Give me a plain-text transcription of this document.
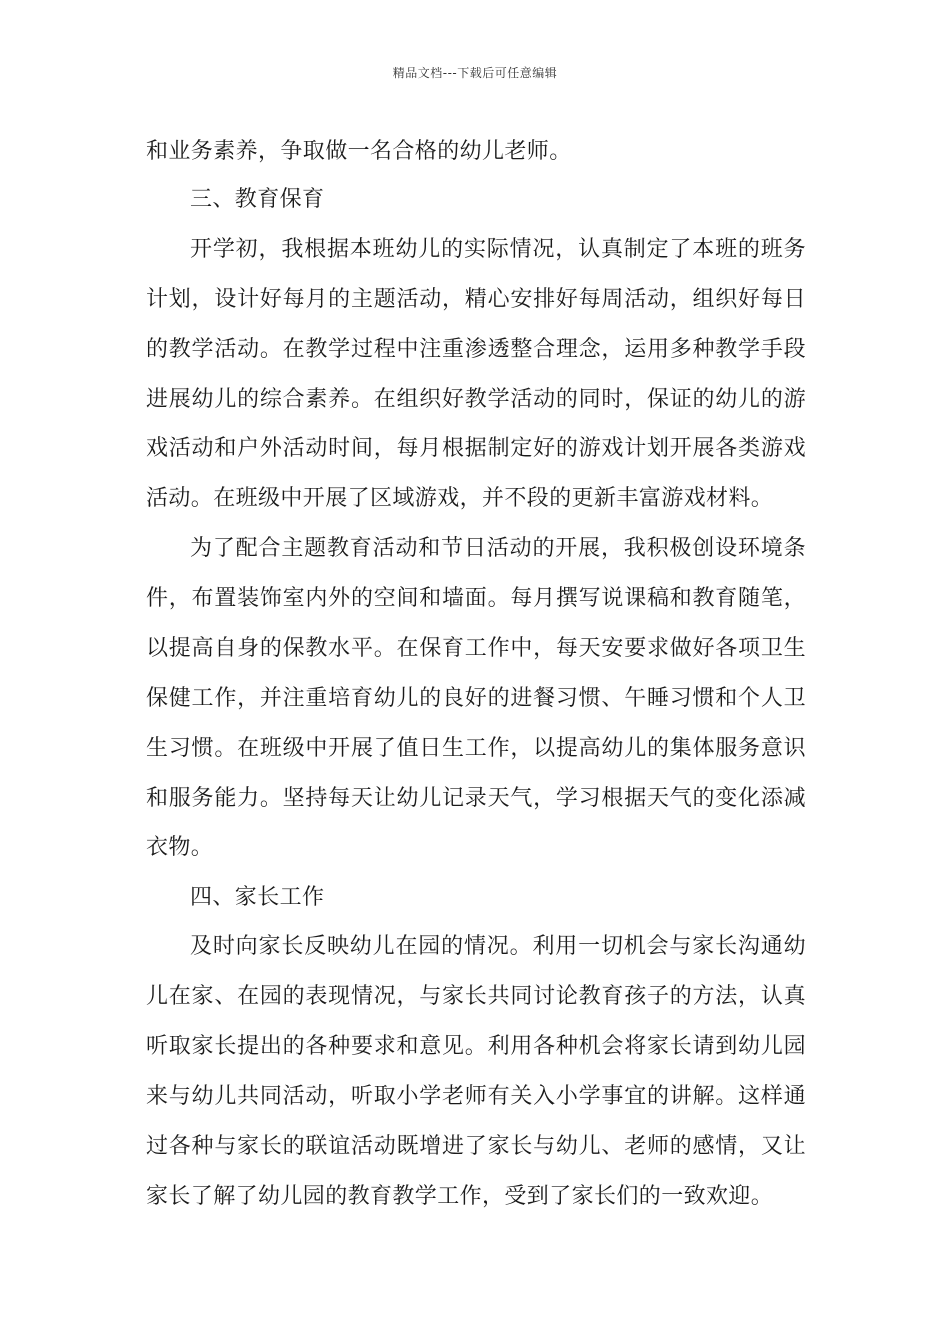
精品文档---下载后可任意编辑
和业务素养，争取做一名合格的幼儿老师。
三、教育保育
开学初，我根据本班幼儿的实际情况，认真制定了本班的班务
计划，设计好每月的主题活动，精心安排好每周活动，组织好每日
的教学活动。在教学过程中注重渗透整合理念，运用多种教学手段
进展幼儿的综合素养。在组织好教学活动的同时，保证的幼儿的游
戏活动和户外活动时间，每月根据制定好的游戏计划开展各类游戏
活动。在班级中开展了区域游戏，并不段的更新丰富游戏材料。
为了配合主题教育活动和节日活动的开展，我积极创设环境条
件，布置装饰室内外的空间和墙面。每月撰写说课稿和教育随笔，
以提高自身的保教水平。在保育工作中，每天安要求做好各项卫生
保健工作，并注重培育幼儿的良好的进餐习惯、午睡习惯和个人卫
生习惯。在班级中开展了值日生工作，以提高幼儿的集体服务意识
和服务能力。坚持每天让幼儿记录天气，学习根据天气的变化添减
衣物。
四、家长工作
及时向家长反映幼儿在园的情况。利用一切机会与家长沟通幼
儿在家、在园的表现情况，与家长共同讨论教育孩子的方法，认真
听取家长提出的各种要求和意见。利用各种机会将家长请到幼儿园
来与幼儿共同活动，听取小学老师有关入小学事宜的讲解。这样通
过各种与家长的联谊活动既增进了家长与幼儿、老师的感情，又让
家长了解了幼儿园的教育教学工作，受到了家长们的一致欢迎。
